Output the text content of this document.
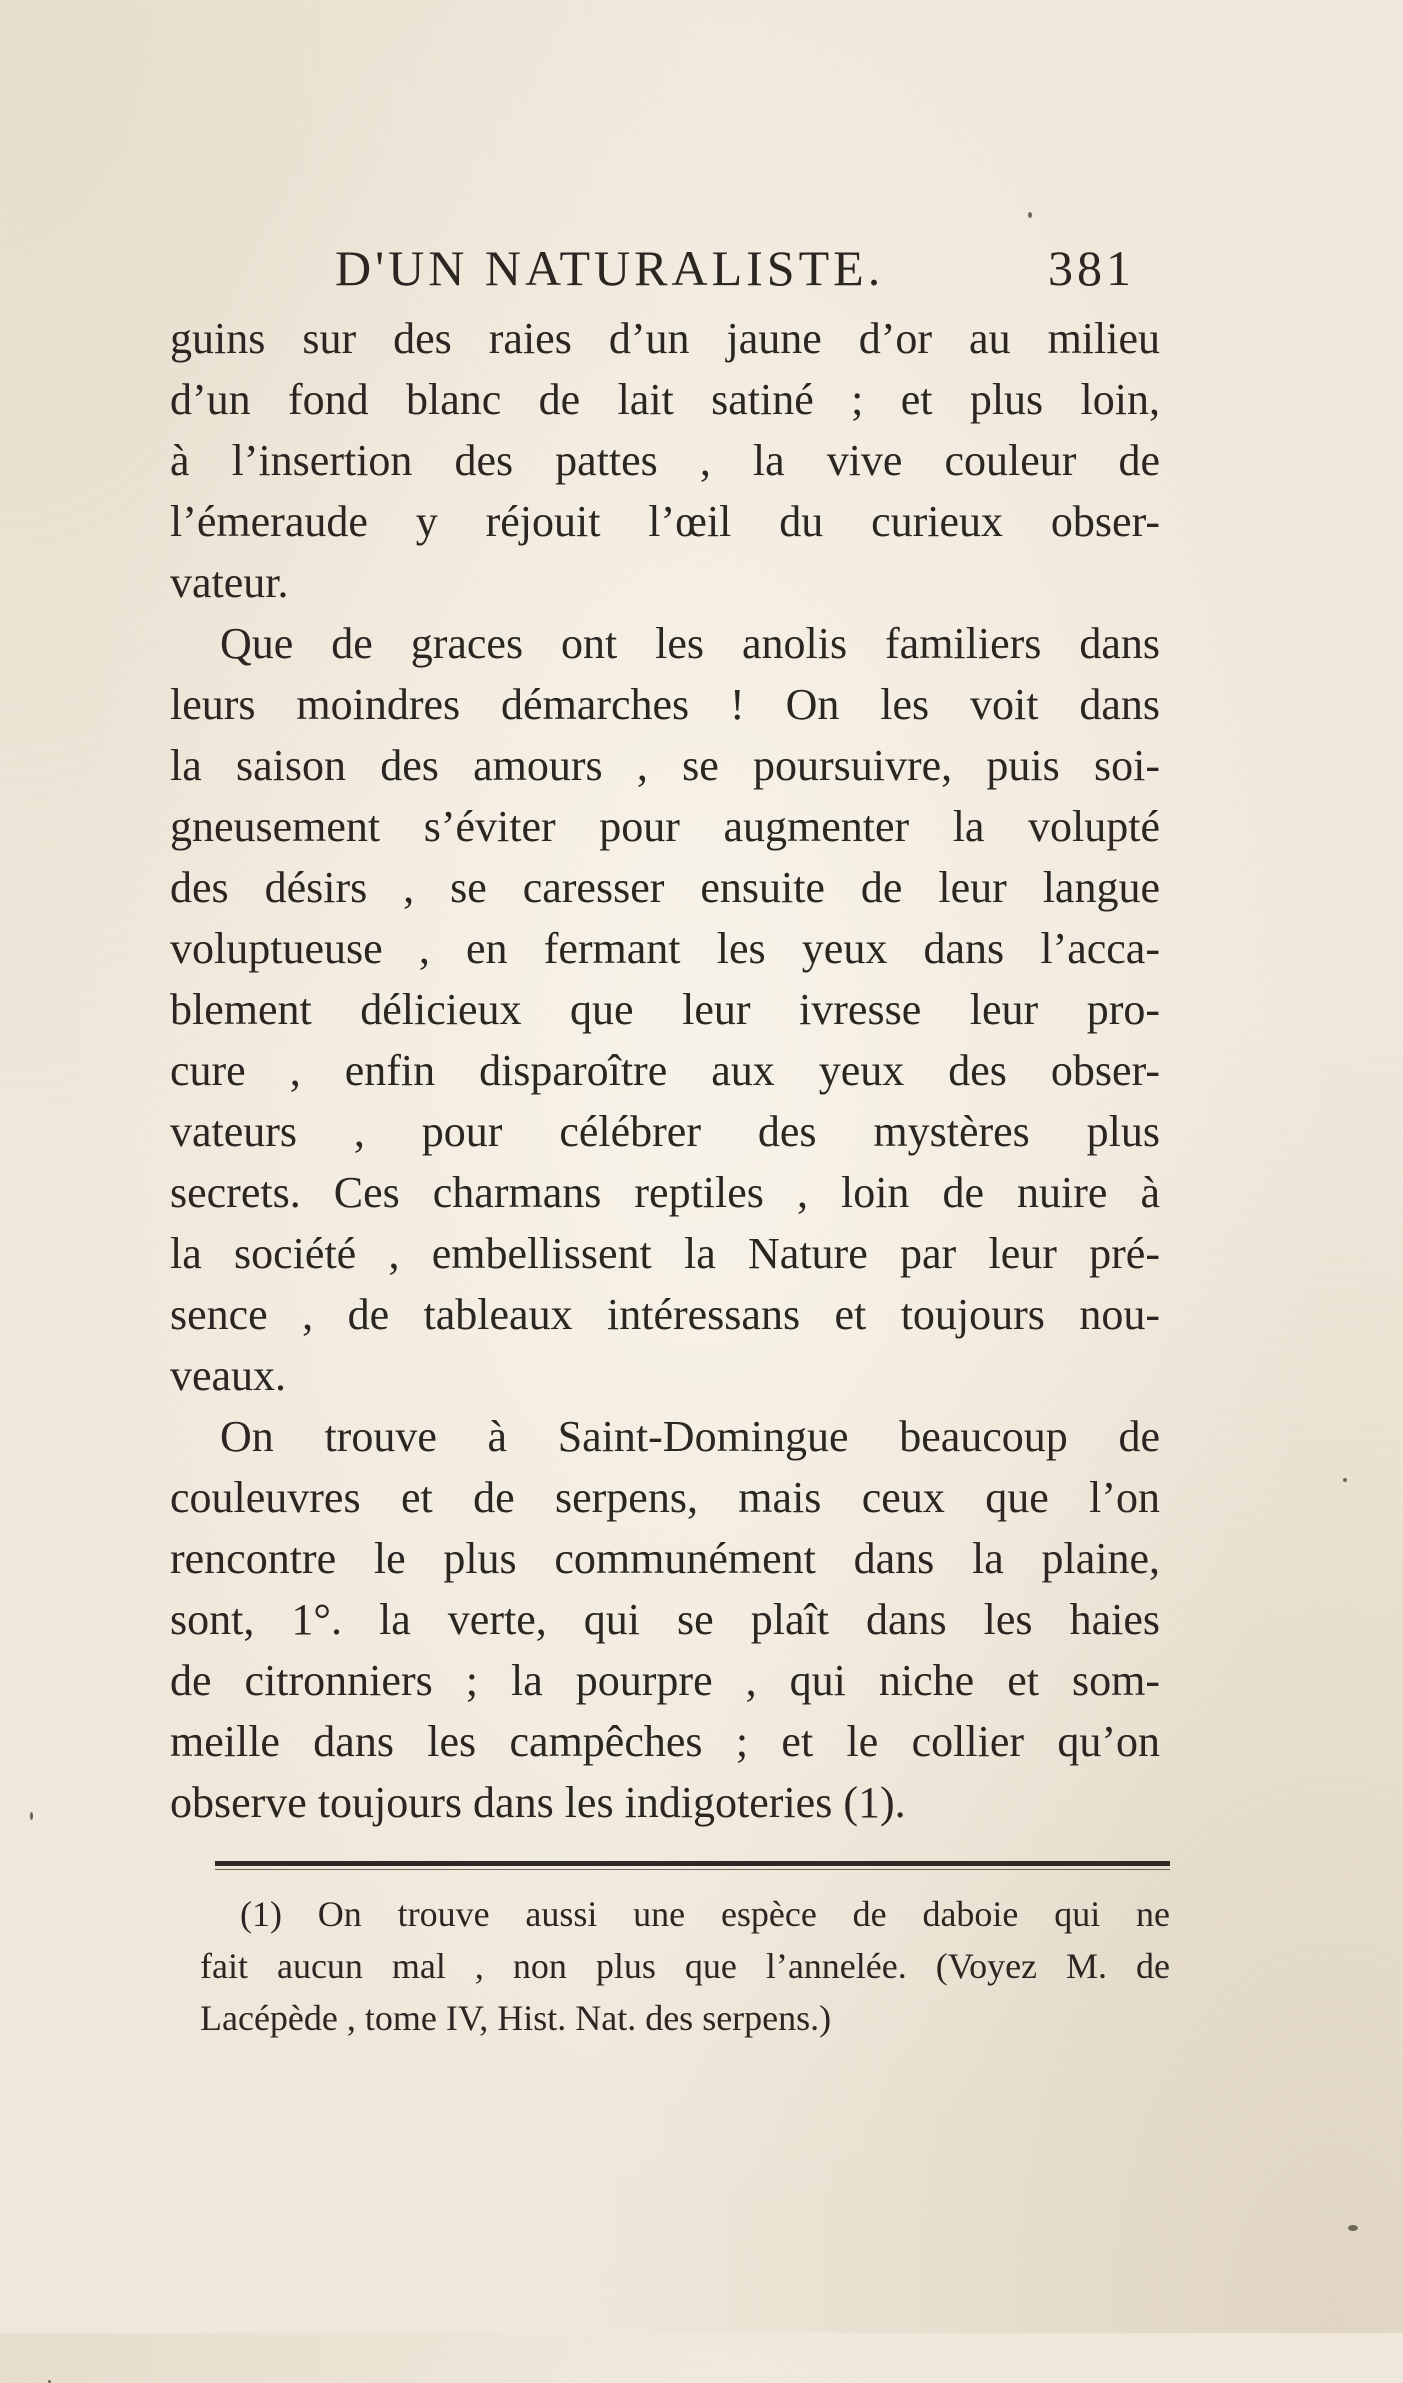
D'UN NATURALISTE.	381
guins sur des raies d’un jaune d’or au milieu
d’un fond blanc de lait satiné ; et plus loin,
à l’insertion des pattes , la vive couleur de
l’émeraude y réjouit l’œil du curieux obser-
vateur.
Que de graces ont les anolis familiers dans
leurs moindres démarches ! On les voit dans
la saison des amours , se poursuivre, puis soi-
gneusement s’éviter pour augmenter la volupté
des désirs , se caresser ensuite de leur langue
voluptueuse , en fermant les yeux dans l’acca-
blement délicieux que leur ivresse leur pro-
cure , enfin disparoître aux yeux des obser-
vateurs , pour célébrer des mystères plus
secrets. Ces charmans reptiles , loin de nuire à
la société , embellissent la Nature par leur pré-
sence , de tableaux intéressans et toujours nou-
veaux.
On trouve à Saint-Domingue beaucoup de
couleuvres et de serpens, mais ceux que l’on
rencontre le plus communément dans la plaine,
sont, 1°. la verte, qui se plaît dans les haies
de citronniers ; la pourpre , qui niche et som-
meille dans les campêches ; et le collier qu’on
observe toujours dans les indigoteries (1).
(1) On trouve aussi une espèce de daboie qui ne
fait aucun mal , non plus que l’annelée. (Voyez M. de
Lacépède , tome IV, Hist. Nat. des serpens.)
